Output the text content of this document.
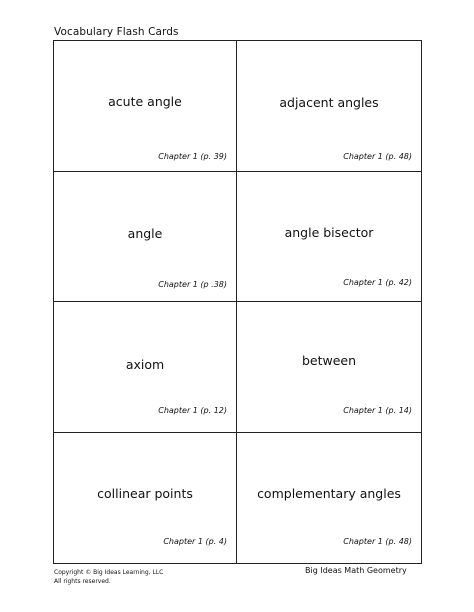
Vocabulary Flash Cards
acute angle
Chapter 1 (p. 39)
adjacent angles
Chapter 1 (p. 48)
angle
Chapter 1 (p .38)
angle bisector
Chapter 1 (p. 42)
axiom
Chapter 1 (p. 12)
between
Chapter 1 (p. 14)
collinear points
Chapter 1 (p. 4)
complementary angles
Chapter 1 (p. 48)
Copyright © Big Ideas Learning, LLC
All rights reserved.
Big Ideas Math Geometry
